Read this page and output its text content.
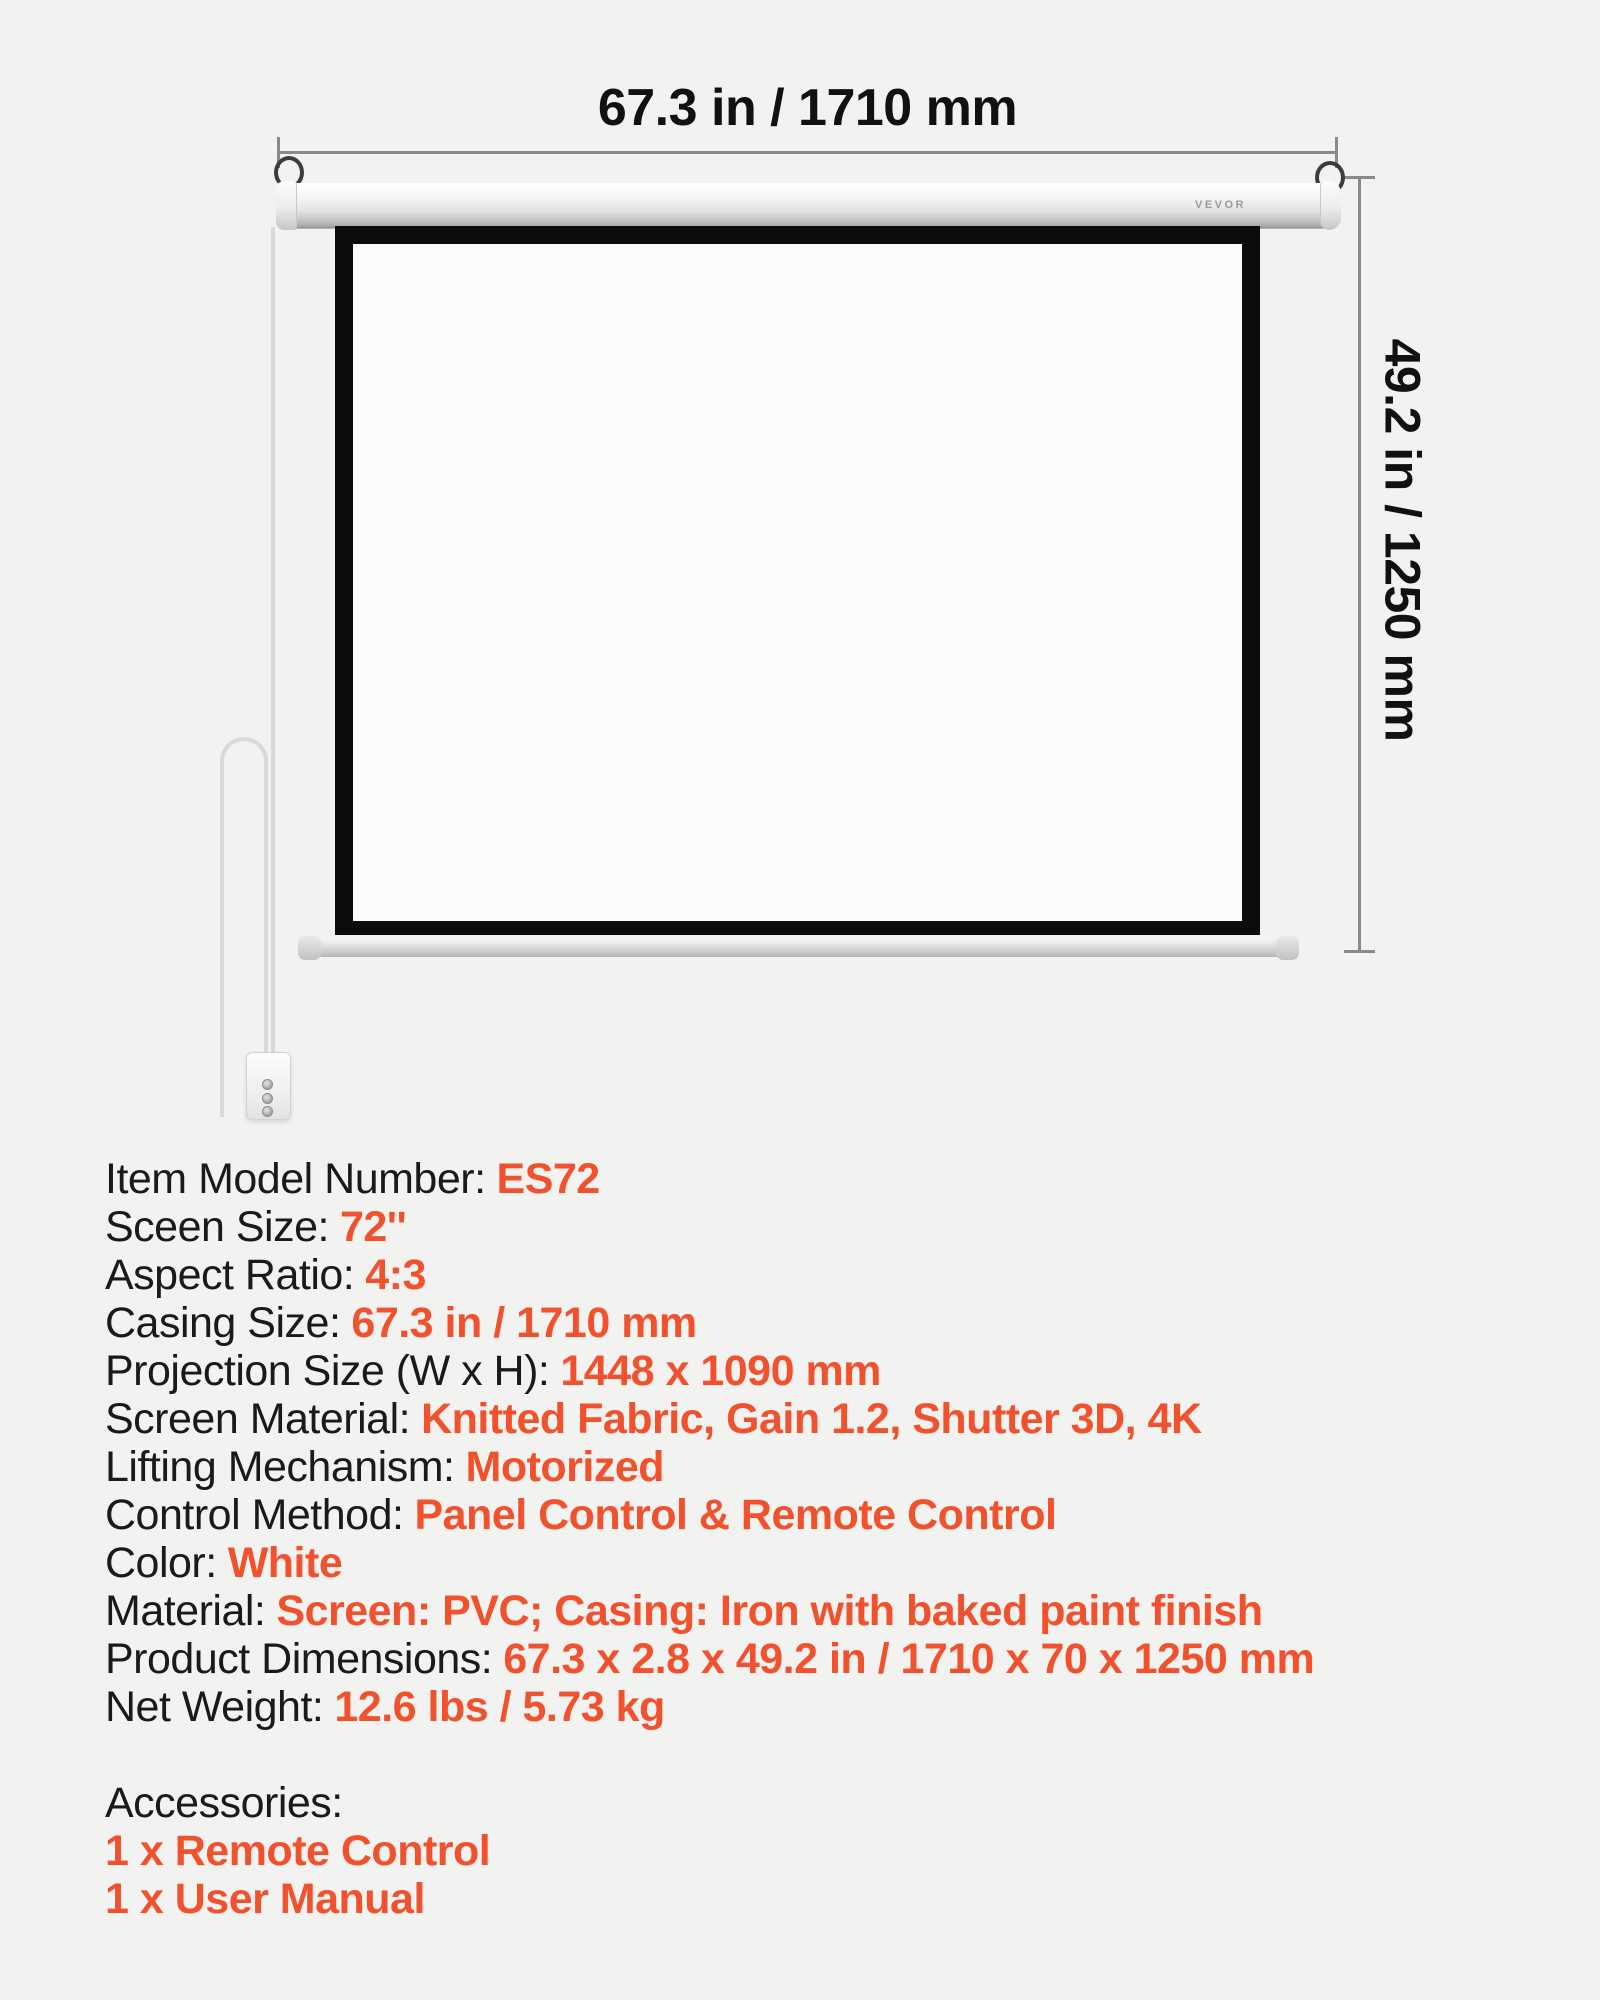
67.3 in / 1710 mm
49.2 in / 1250 mm
VEVOR
Item Model Number: ES72
Sceen Size: 72''
Aspect Ratio: 4:3
Casing Size: 67.3 in / 1710 mm
Projection Size (W x H): 1448 x 1090 mm
Screen Material: Knitted Fabric, Gain 1.2, Shutter 3D, 4K
Lifting Mechanism: Motorized
Control Method: Panel Control & Remote Control
Color: White
Material: Screen: PVC; Casing: Iron with baked paint finish
Product Dimensions: 67.3 x 2.8 x 49.2 in / 1710 x 70 x 1250 mm
Net Weight: 12.6 lbs / 5.73 kg
Accessories:
1 x Remote Control
1 x User Manual
